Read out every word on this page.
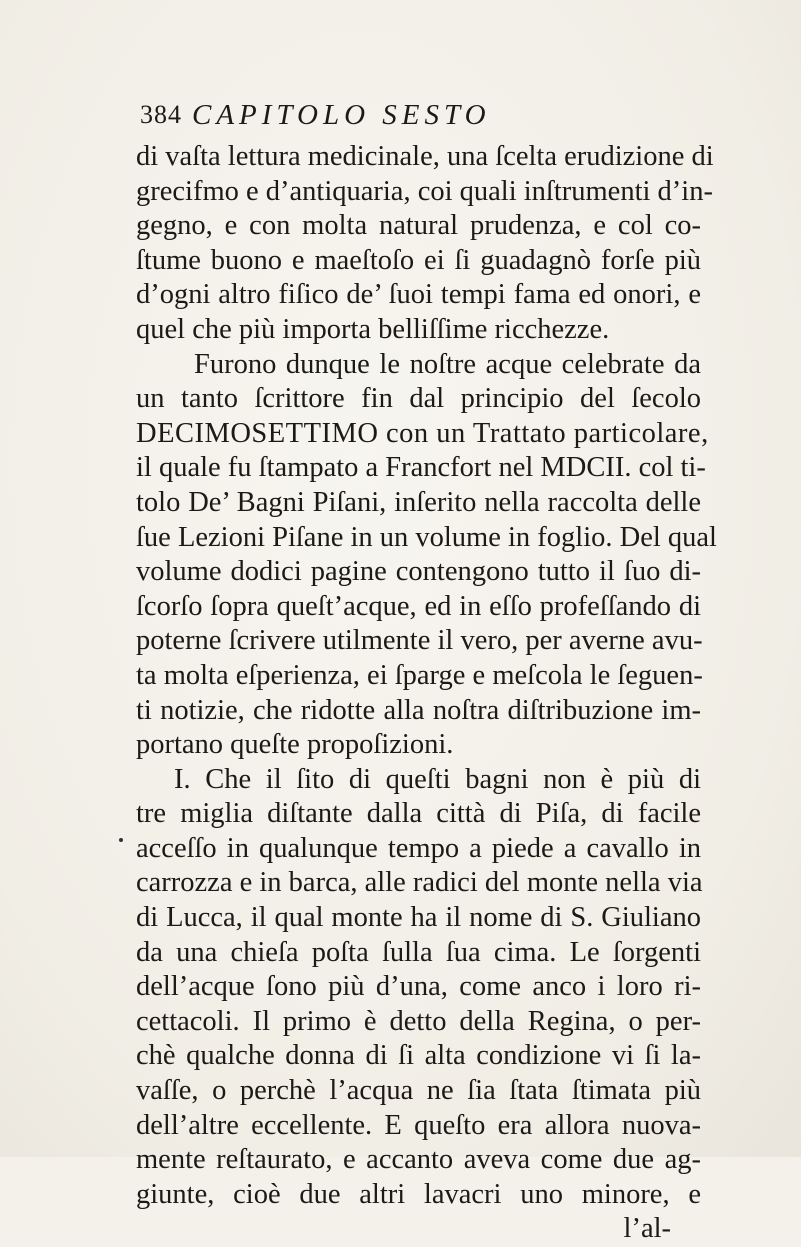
384 CAPITOLO SESTO
di vaſta lettura medicinale, una ſcelta erudizione di
grecifmo e d’antiquaria, coi quali inſtrumenti d’in-
gegno, e con molta natural prudenza, e col co-
ſtume buono e maeſtoſo ei ſi guadagnò forſe più
d’ogni altro fiſico de’ ſuoi tempi fama ed onori, e
quel che più importa belliſſime ricchezze.
Furono dunque le noſtre acque celebrate da
un tanto ſcrittore fin dal principio del ſecolo
DECIMOSETTIMO con un Trattato particolare,
il quale fu ſtampato a Francfort nel MDCII. col ti-
tolo De’ Bagni Piſani, inſerito nella raccolta delle
ſue Lezioni Piſane in un volume in foglio. Del qual
volume dodici pagine contengono tutto il ſuo di-
ſcorſo ſopra queſt’acque, ed in eſſo profeſſando di
poterne ſcrivere utilmente il vero, per averne avu-
ta molta eſperienza, ei ſparge e meſcola le ſeguen-
ti notizie, che ridotte alla noſtra diſtribuzione im-
portano queſte propoſizioni.
I. Che il ſito di queſti bagni non è più di
tre miglia diſtante dalla città di Piſa, di facile
acceſſo in qualunque tempo a piede a cavallo in
carrozza e in barca, alle radici del monte nella via
di Lucca, il qual monte ha il nome di S. Giuliano
da una chieſa poſta ſulla ſua cima. Le ſorgenti
dell’acque ſono più d’una, come anco i loro ri-
cettacoli. Il primo è detto della Regina, o per-
chè qualche donna di ſi alta condizione vi ſi la-
vaſſe, o perchè l’acqua ne ſia ſtata ſtimata più
dell’altre eccellente. E queſto era allora nuova-
mente reſtaurato, e accanto aveva come due ag-
giunte, cioè due altri lavacri uno minore, e
l’al-
